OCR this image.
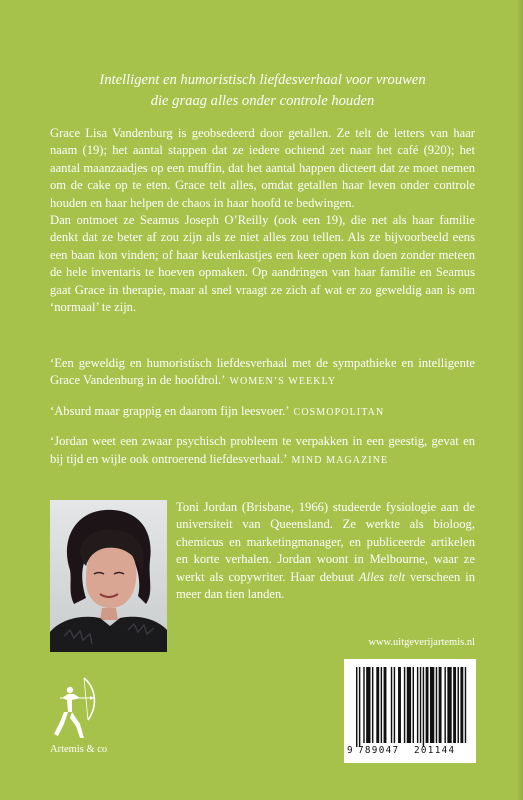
Intelligent en humoristisch liefdesverhaal voor vrouwen
die graag alles onder controle houden

Grace Lisa Vandenburg is geobsedeerd door getallen. Ze telt de letters van haar naam (19); het aantal stappen dat ze iedere ochtend zet naar het café (920); het aantal maanzaadjes op een muffin, dat het aantal happen dicteert dat ze moet nemen om de cake op te eten. Grace telt alles, omdat getallen haar leven onder controle houden en haar helpen de chaos in haar hoofd te bedwingen.

Dan ontmoet ze Seamus Joseph O’Reilly (ook een 19), die net als haar familie denkt dat ze beter af zou zijn als ze niet alles zou tellen. Als ze bijvoorbeeld eens een baan kon vinden; of haar keukenkastjes een keer open kon doen zonder meteen de hele inventaris te hoeven opmaken. Op aandringen van haar familie en Seamus gaat Grace in therapie, maar al snel vraagt ze zich af wat er zo geweldig aan is om ‘normaal’ te zijn.

‘Een geweldig en humoristisch liefdesverhaal met de sympathieke en intelligente Grace Vandenburg in de hoofdrol.’ WOMEN’S WEEKLY

‘Absurd maar grappig en daarom fijn leesvoer.’ COSMOPOLITAN

‘Jordan weet een zwaar psychisch probleem te verpakken in een geestig, gevat en bij tijd en wijle ook ontroerend liefdesverhaal.’ MIND MAGAZINE

Toni Jordan (Brisbane, 1966) studeerde fysiologie aan de universiteit van Queensland. Ze werkte als bioloog, chemicus en marketingmanager, en publiceerde artikelen en korte verhalen. Jordan woont in Melbourne, waar ze werkt als copywriter. Haar debuut Alles telt verscheen in meer dan tien landen.

www.uitgeverijartemis.nl
Artemis & co	9 789047 201144
